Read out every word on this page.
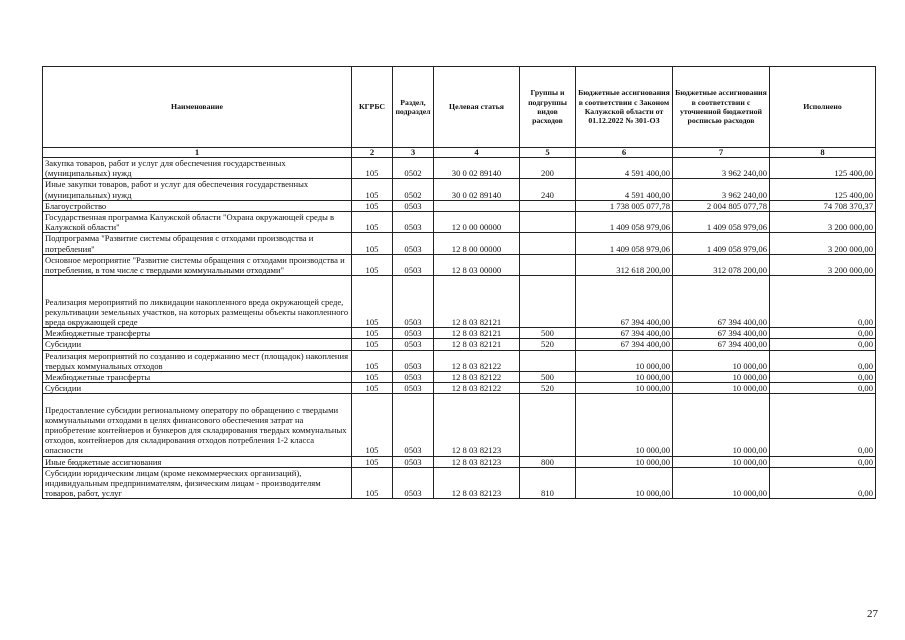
Наименование	КГРБС	Раздел, подраздел	Целевая статья	Группы и подгруппы видов расходов	Бюджетные ассигнования в соответствии с Законом Калужской области от 01.12.2022 № 301-ОЗ	Бюджетные ассигнования в соответствии с уточненной бюджетной росписью расходов	Исполнено
1	2	3	4	5	6	7	8
Закупка товаров, работ и услуг для обеспечения государственных (муниципальных) нужд	105	0502	30 0 02 89140	200	4 591 400,00	3 962 240,00	125 400,00
Иные закупки товаров, работ и услуг для обеспечения государственных (муниципальных) нужд	105	0502	30 0 02 89140	240	4 591 400,00	3 962 240,00	125 400,00
Благоустройство	105	0503			1 738 005 077,78	2 004 805 077,78	74 708 370,37
Государственная программа Калужской области "Охрана окружающей среды в Калужской области"	105	0503	12 0 00 00000		1 409 058 979,06	1 409 058 979,06	3 200 000,00
Подпрограмма "Развитие системы обращения с отходами производства и потребления"	105	0503	12 8 00 00000		1 409 058 979,06	1 409 058 979,06	3 200 000,00
Основное мероприятие "Развитие системы обращения с отходами производства и потребления, в том числе с твердыми коммунальными отходами"	105	0503	12 8 03 00000		312 618 200,00	312 078 200,00	3 200 000,00
Реализация мероприятий по ликвидации накопленного вреда окружающей среде, рекультивации земельных участков, на которых размещены объекты накопленного вреда окружающей среде	105	0503	12 8 03 82121		67 394 400,00	67 394 400,00	0,00
Межбюджетные трансферты	105	0503	12 8 03 82121	500	67 394 400,00	67 394 400,00	0,00
Субсидии	105	0503	12 8 03 82121	520	67 394 400,00	67 394 400,00	0,00
Реализация мероприятий по созданию и содержанию мест (площадок) накопления твердых коммунальных отходов	105	0503	12 8 03 82122		10 000,00	10 000,00	0,00
Межбюджетные трансферты	105	0503	12 8 03 82122	500	10 000,00	10 000,00	0,00
Субсидии	105	0503	12 8 03 82122	520	10 000,00	10 000,00	0,00
Предоставление субсидии региональному оператору по обращению с твердыми коммунальными отходами в целях финансового обеспечения затрат на приобретение контейнеров и бункеров для складирования твердых коммунальных отходов, контейнеров для складирования отходов потребления 1-2 класса опасности	105	0503	12 8 03 82123		10 000,00	10 000,00	0,00
Иные бюджетные ассигнования	105	0503	12 8 03 82123	800	10 000,00	10 000,00	0,00
Субсидии юридическим лицам (кроме некоммерческих организаций), индивидуальным предпринимателям, физическим лицам - производителям товаров, работ, услуг	105	0503	12 8 03 82123	810	10 000,00	10 000,00	0,00
27
